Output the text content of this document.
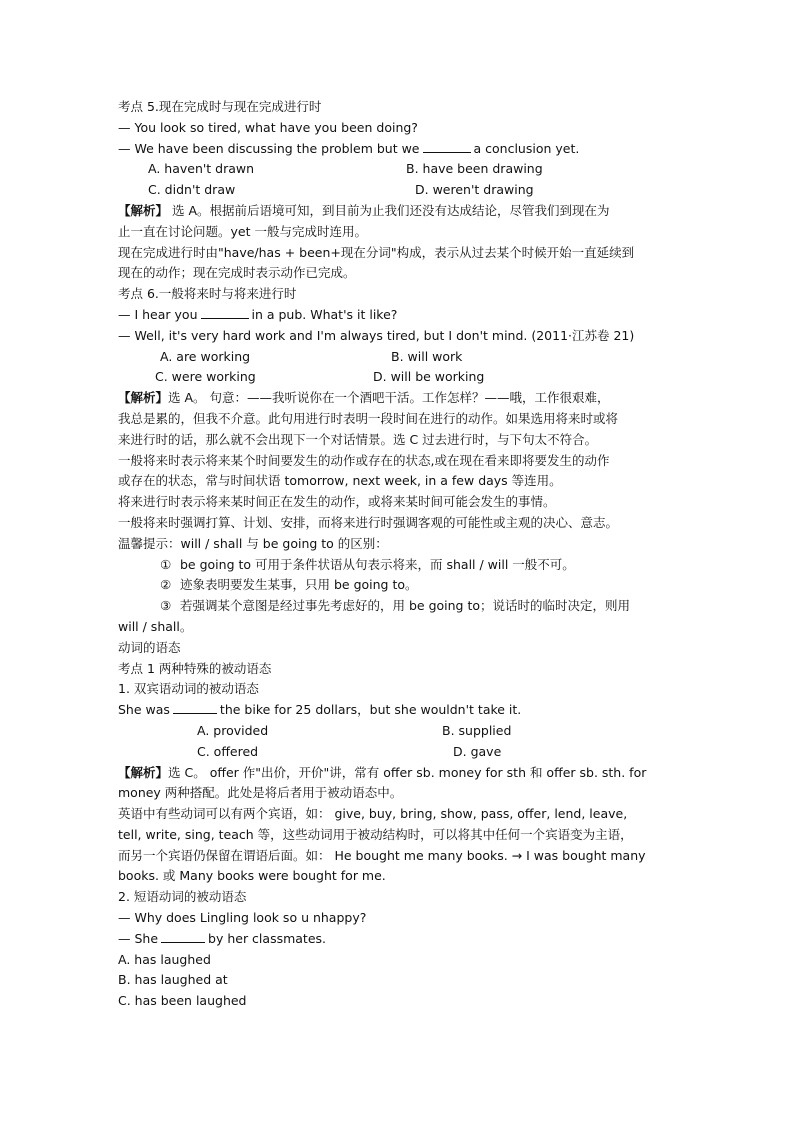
考点 5.现在完成时与现在完成进行时
— You look so tired, what have you been doing?
— We have been discussing the problem but we	a conclusion yet.
A. haven't drawn	B. have been drawing
C. didn't draw	D. weren't drawing
【解析】 选 A。根据前后语境可知，到目前为止我们还没有达成结论，尽管我们到现在为
止一直在讨论问题。yet 一般与完成时连用。
现在完成进行时由"have/has + been+现在分词"构成，表示从过去某个时候开始一直延续到
现在的动作；现在完成时表示动作已完成。
考点 6.一般将来时与将来进行时
— I hear you	in a pub. What's it like?
— Well, it's very hard work and I'm always tired, but I don't mind. (2011·江苏卷 21)
A. are working	B. will work
C. were working	D. will be working
【解析】选 A。 句意：——我听说你在一个酒吧干活。工作怎样？——哦，工作很艰难，
我总是累的，但我不介意。此句用进行时表明一段时间在进行的动作。如果选用将来时或将
来进行时的话，那么就不会出现下一个对话情景。选 C 过去进行时，与下句太不符合。
一般将来时表示将来某个时间要发生的动作或存在的状态,或在现在看来即将要发生的动作
或存在的状态，常与时间状语 tomorrow, next week, in a few days 等连用。
将来进行时表示将来某时间正在发生的动作，或将来某时间可能会发生的事情。
一般将来时强调打算、计划、安排，而将来进行时强调客观的可能性或主观的决心、意志。
温馨提示：will / shall 与 be going to 的区别：
① be going to 可用于条件状语从句表示将来，而 shall / will 一般不可。
② 迹象表明要发生某事，只用 be going to。
③ 若强调某个意图是经过事先考虑好的，用 be going to；说话时的临时决定，则用
will / shall。
动词的语态
考点 1 两种特殊的被动语态
1. 双宾语动词的被动语态
She was	the bike for 25 dollars，but she wouldn't take it.
A. provided	B. supplied
C. offered	D. gave
【解析】选 C。 offer 作"出价，开价"讲，常有 offer sb. money for sth 和 offer sb. sth. for
money 两种搭配。此处是将后者用于被动语态中。
英语中有些动词可以有两个宾语，如： give, buy, bring, show, pass, offer, lend, leave,
tell, write, sing, teach 等，这些动词用于被动结构时，可以将其中任何一个宾语变为主语，
而另一个宾语仍保留在谓语后面。如： He bought me many books. → I was bought many
books. 或 Many books were bought for me.
2. 短语动词的被动语态
— Why does Lingling look so u nhappy?
— She	by her classmates.
A. has laughed
B. has laughed at
C. has been laughed
